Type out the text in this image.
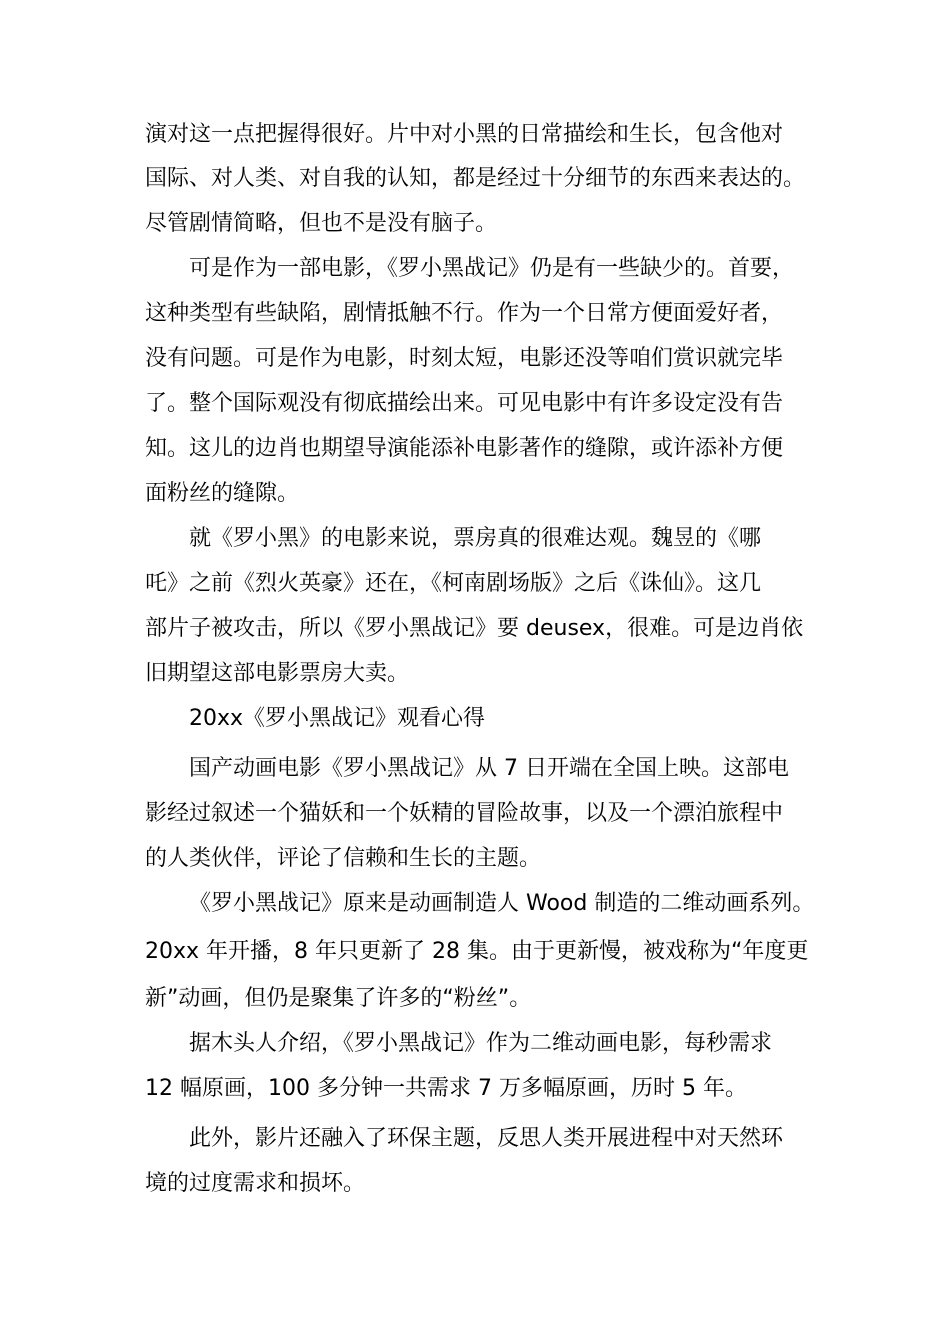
演对这一点把握得很好。片中对小黑的日常描绘和生长，包含他对
国际、对人类、对自我的认知，都是经过十分细节的东西来表达的。
尽管剧情简略，但也不是没有脑子。
可是作为一部电影，《罗小黑战记》仍是有一些缺少的。首要，
这种类型有些缺陷，剧情抵触不行。作为一个日常方便面爱好者，
没有问题。可是作为电影，时刻太短，电影还没等咱们赏识就完毕
了。整个国际观没有彻底描绘出来。可见电影中有许多设定没有告
知。这儿的边肖也期望导演能添补电影著作的缝隙，或许添补方便
面粉丝的缝隙。
就《罗小黑》的电影来说，票房真的很难达观。魏昱的《哪
吒》之前《烈火英豪》还在，《柯南剧场版》之后《诛仙》。这几
部片子被攻击，所以《罗小黑战记》要 deusex，很难。可是边肖依
旧期望这部电影票房大卖。
20xx《罗小黑战记》观看心得
国产动画电影《罗小黑战记》从 7 日开端在全国上映。这部电
影经过叙述一个猫妖和一个妖精的冒险故事，以及一个漂泊旅程中
的人类伙伴，评论了信赖和生长的主题。
《罗小黑战记》原来是动画制造人 Wood 制造的二维动画系列。
20xx 年开播，8 年只更新了 28 集。由于更新慢，被戏称为“年度更
新”动画，但仍是聚集了许多的“粉丝”。
据木头人介绍，《罗小黑战记》作为二维动画电影，每秒需求
12 幅原画，100 多分钟一共需求 7 万多幅原画，历时 5 年。
此外，影片还融入了环保主题，反思人类开展进程中对天然环
境的过度需求和损坏。
